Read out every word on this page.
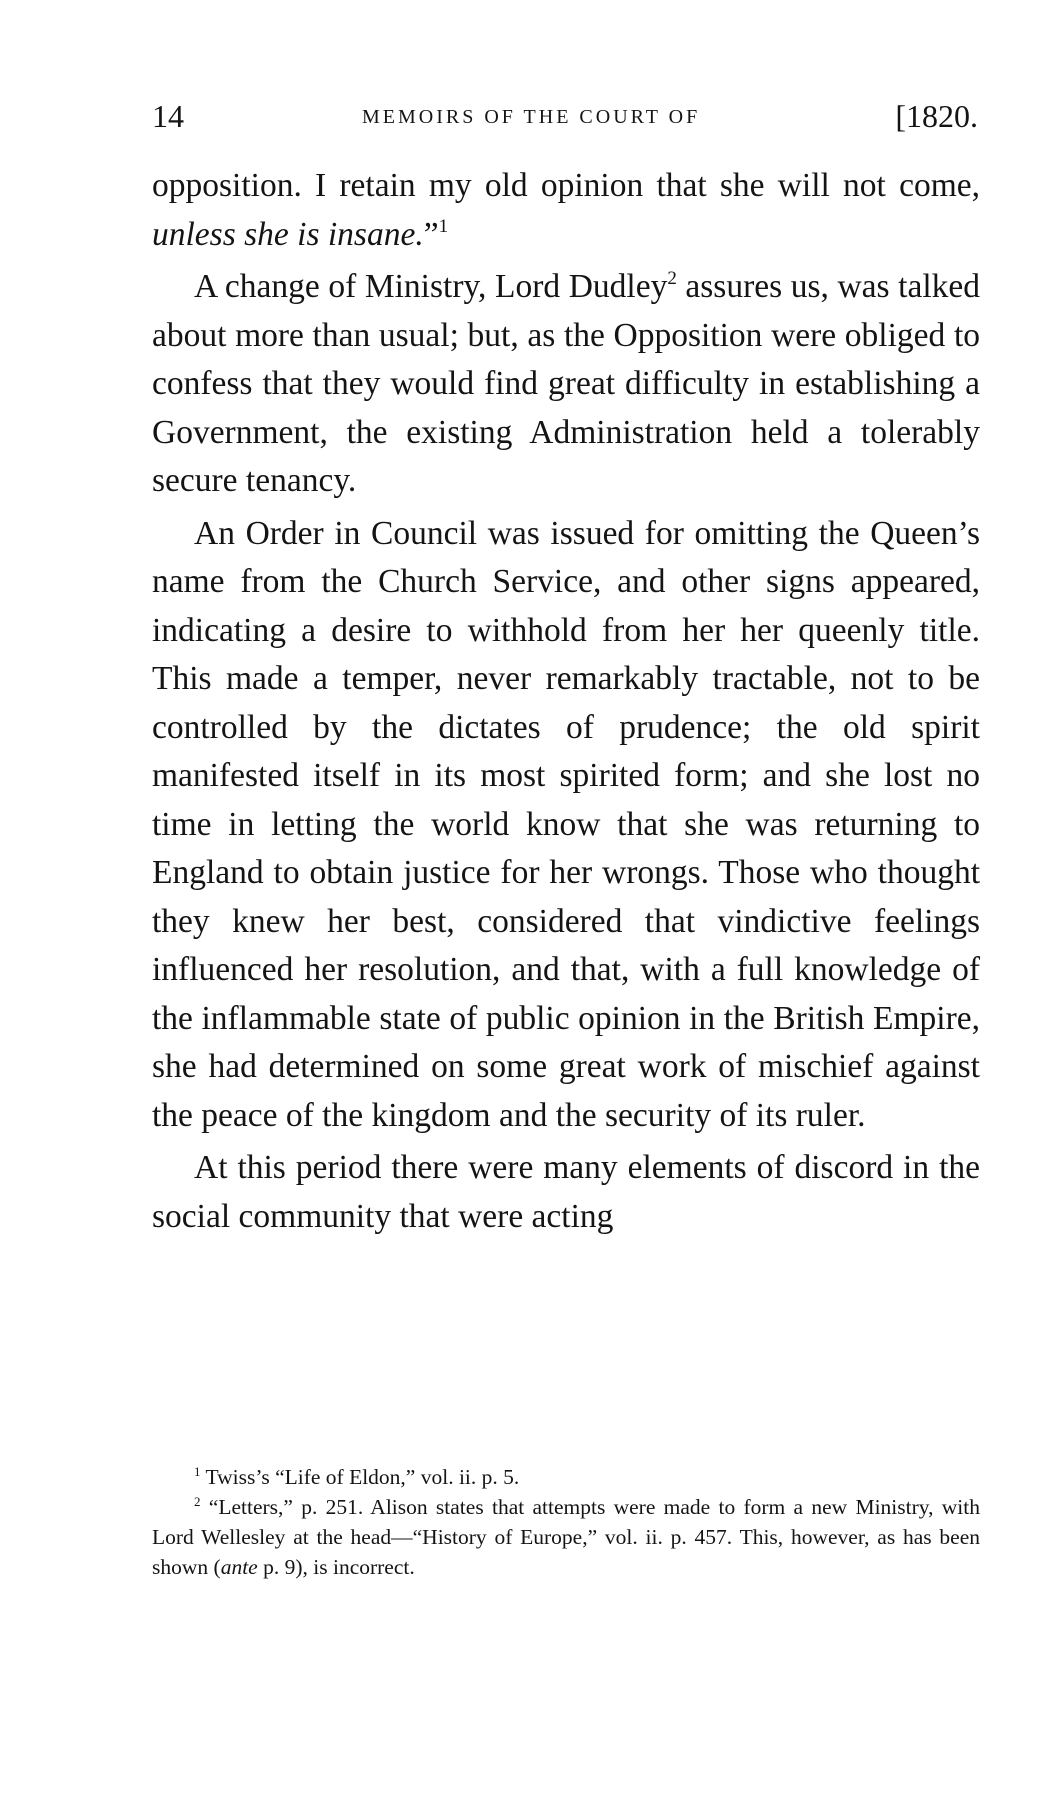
14	MEMOIRS OF THE COURT OF	[1820.

opposition. I retain my old opinion that she will not come, unless she is insane.”$^1$

A change of Ministry, Lord Dudley$^2$ assures us, was talked about more than usual; but, as the Opposition were obliged to confess that they would find great difficulty in establishing a Government, the existing Administration held a tolerably secure tenancy.

An Order in Council was issued for omitting the Queen’s name from the Church Service, and other signs appeared, indicating a desire to withhold from her her queenly title. This made a temper, never remarkably tractable, not to be controlled by the dictates of prudence; the old spirit manifested itself in its most spirited form; and she lost no time in letting the world know that she was returning to England to obtain justice for her wrongs. Those who thought they knew her best, considered that vindictive feelings influenced her resolution, and that, with a full knowledge of the inflammable state of public opinion in the British Empire, she had determined on some great work of mischief against the peace of the kingdom and the security of its ruler.

At this period there were many elements of discord in the social community that were acting

$^1$ Twiss’s “Life of Eldon,” vol. ii. p. 5.

$^2$ “Letters,” p. 251. Alison states that attempts were made to form a new Ministry, with Lord Wellesley at the head—“History of Europe,” vol. ii. p. 457. This, however, as has been shown (ante p. 9), is incorrect.
